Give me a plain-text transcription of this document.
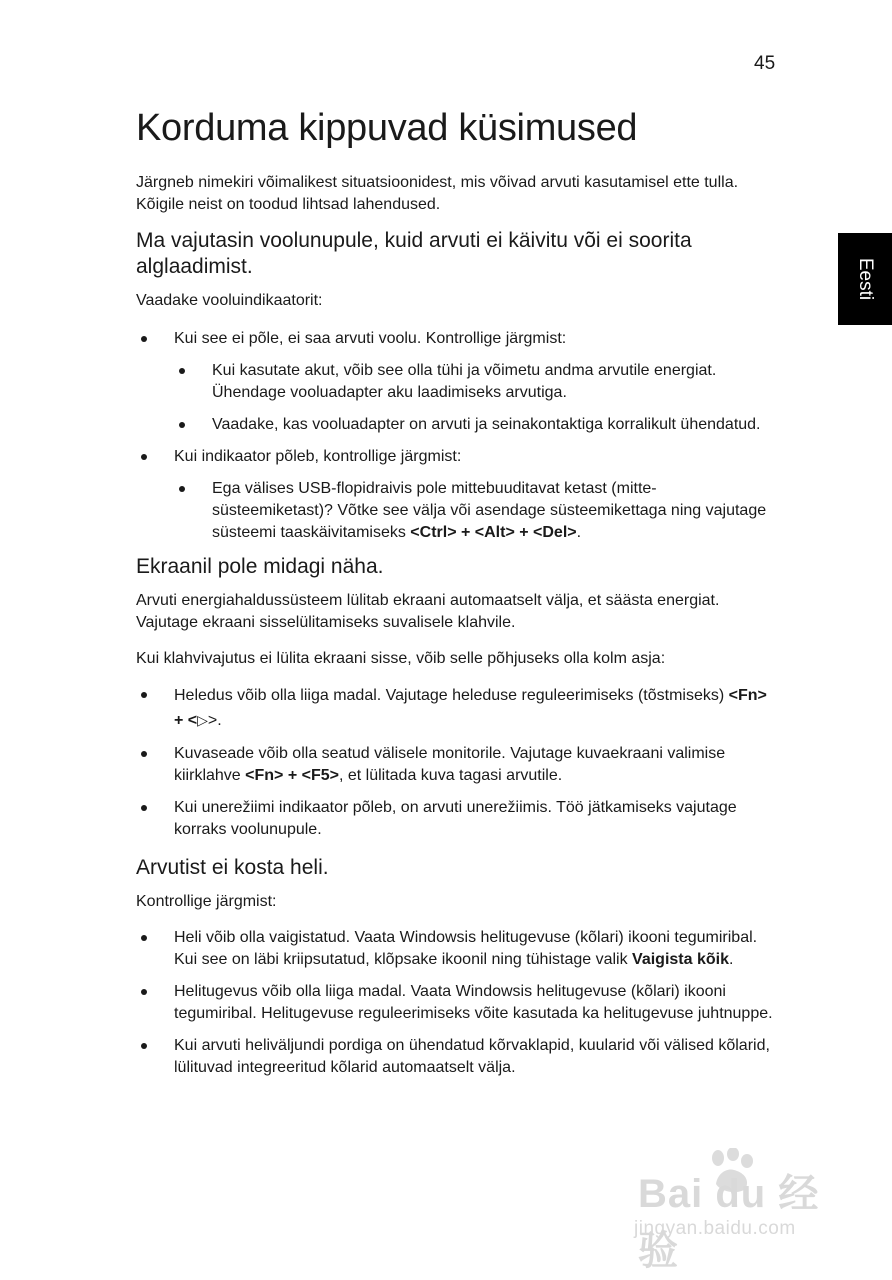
45
Eesti
Korduma kippuvad küsimused

Järgneb nimekiri võimalikest situatsioonidest, mis võivad arvuti kasutamisel ette tulla. Kõigile neist on toodud lihtsad lahendused.

Ma vajutasin voolunupule, kuid arvuti ei käivitu või ei soorita alglaadimist.

Vaadake vooluindikaatorit:

Kui see ei põle, ei saa arvuti voolu. Kontrollige järgmist:
Kui kasutate akut, võib see olla tühi ja võimetu andma arvutile energiat. Ühendage vooluadapter aku laadimiseks arvutiga.
Vaadake, kas vooluadapter on arvuti ja seinakontaktiga korralikult ühendatud.
Kui indikaator põleb, kontrollige järgmist:
Ega välises USB-flopidraivis pole mittebuuditavat ketast (mitte-süsteemiketast)? Võtke see välja või asendage süsteemikettaga ning vajutage süsteemi taaskäivitamiseks <Ctrl> + <Alt> + <Del>.
Ekraanil pole midagi näha.

Arvuti energiahaldussüsteem lülitab ekraani automaatselt välja, et säästa energiat. Vajutage ekraani sisselülitamiseks suvalisele klahvile.

Kui klahvivajutus ei lülita ekraani sisse, võib selle põhjuseks olla kolm asja:

Heledus võib olla liiga madal. Vajutage heleduse reguleerimiseks (tõstmiseks) <Fn> + <▷>.
Kuvaseade võib olla seatud välisele monitorile. Vajutage kuvaekraani valimise kiirklahve <Fn> + <F5>, et lülitada kuva tagasi arvutile.
Kui unerežiimi indikaator põleb, on arvuti unerežiimis. Töö jätkamiseks vajutage korraks voolunupule.
Arvutist ei kosta heli.

Kontrollige järgmist:

Heli võib olla vaigistatud. Vaata Windowsis helitugevuse (kõlari) ikooni tegumiribal. Kui see on läbi kriipsutatud, klõpsake ikoonil ning tühistage valik Vaigista kõik.
Helitugevus võib olla liiga madal. Vaata Windowsis helitugevuse (kõlari) ikooni tegumiribal. Helitugevuse reguleerimiseks võite kasutada ka helitugevuse juhtnuppe.
Kui arvuti heliväljundi pordiga on ühendatud kõrvaklapid, kuularid või välised kõlarid, lülituvad integreeritud kõlarid automaatselt välja.
Bai du 经验
jingyan.baidu.com
